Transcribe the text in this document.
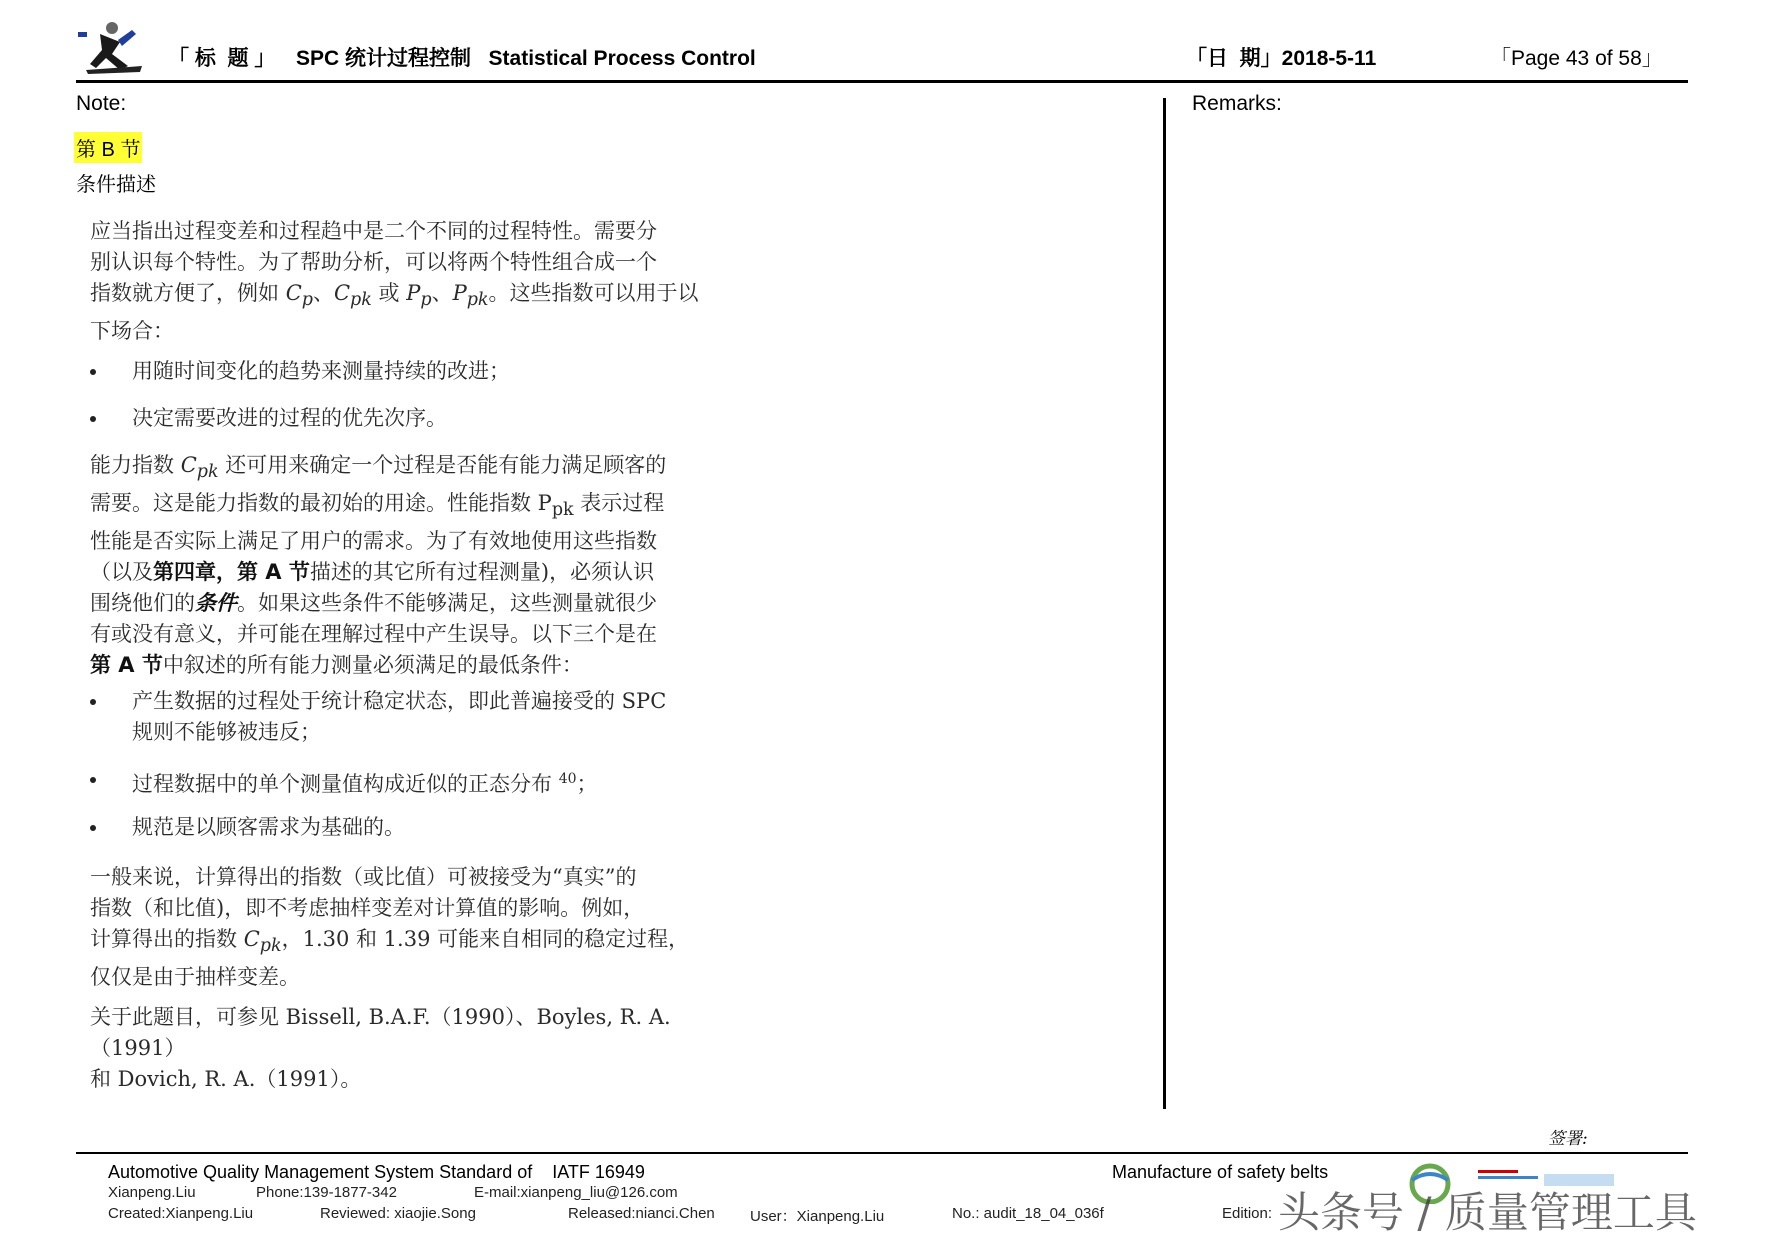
「 标  题 」 SPC 统计过程控制   Statistical Process Control	「日  期」2018-5-11	「Page 43 of 58」
Note:	Remarks:
第 B 节
条件描述
应当指出过程变差和过程趋中是二个不同的过程特性。需要分
别认识每个特性。为了帮助分析，可以将两个特性组合成一个
指数就方便了，例如 $C_p$、$C_{pk}$ 或 $P_p$、$P_{pk}$。这些指数可以用于以
下场合：
用随时间变化的趋势来测量持续的改进；
决定需要改进的过程的优先次序。
能力指数 $C_{pk}$ 还可用来确定一个过程是否能有能力满足顾客的
需要。这是能力指数的最初始的用途。性能指数 $P_{pk}$ 表示过程
性能是否实际上满足了用户的需求。为了有效地使用这些指数
（以及第四章，第 A 节描述的其它所有过程测量)，必须认识
围绕他们的条件。如果这些条件不能够满足，这些测量就很少
有或没有意义，并可能在理解过程中产生误导。以下三个是在
第 A 节中叙述的所有能力测量必须满足的最低条件：
产生数据的过程处于统计稳定状态，即此普遍接受的 SPC
规则不能够被违反；
过程数据中的单个测量值构成近似的正态分布 $^{40}$；
规范是以顾客需求为基础的。
一般来说，计算得出的指数（或比值）可被接受为“真实”的
指数（和比值)，即不考虑抽样变差对计算值的影响。例如，
计算得出的指数 $C_{pk}$，1.30 和 1.39 可能来自相同的稳定过程，
仅仅是由于抽样变差。
关于此题目，可参见 Bissell, B.A.F.（1990）、Boyles, R. A.（1991）
和 Dovich, R. A.（1991）。
签署:
Automotive Quality Management System Standard of    IATF 16949	Manufacture of safety belts
Xianpeng.Liu	Phone:139-1877-342	E-mail:xianpeng_liu@126.com
Created:Xianpeng.Liu	Reviewed: xiaojie.Song	Released:nianci.Chen User：Xianpeng.Liu	No.: audit_18_04_036f	Edition: 头条号 / 质量管理工具
